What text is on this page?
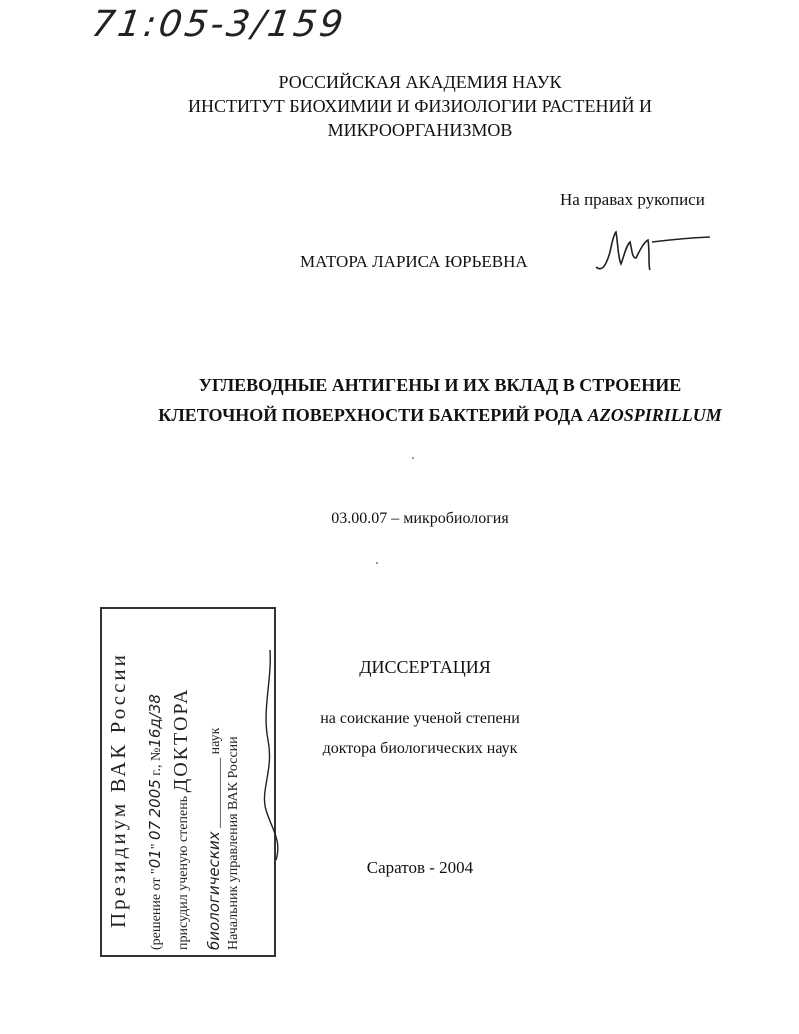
71:05-3/159
РОССИЙСКАЯ АКАДЕМИЯ НАУК
ИНСТИТУТ БИОХИМИИ И ФИЗИОЛОГИИ РАСТЕНИЙ И
МИКРООРГАНИЗМОВ
На правах рукописи
МАТОРА ЛАРИСА ЮРЬЕВНА
УГЛЕВОДНЫЕ АНТИГЕНЫ И ИХ ВКЛАД В СТРОЕНИЕ
КЛЕТОЧНОЙ ПОВЕРХНОСТИ БАКТЕРИЙ РОДА AZOSPIRILLUM
03.00.07 – микробиология
ДИССЕРТАЦИЯ
на соискание ученой степени
доктора биологических наук
Саратов - 2004
Президиум ВАК России (решение от "01" 07 2005 г., №16д/38
присудил ученую степень ДОКТОРА
биологических __________ наук Начальник управления ВАК России
